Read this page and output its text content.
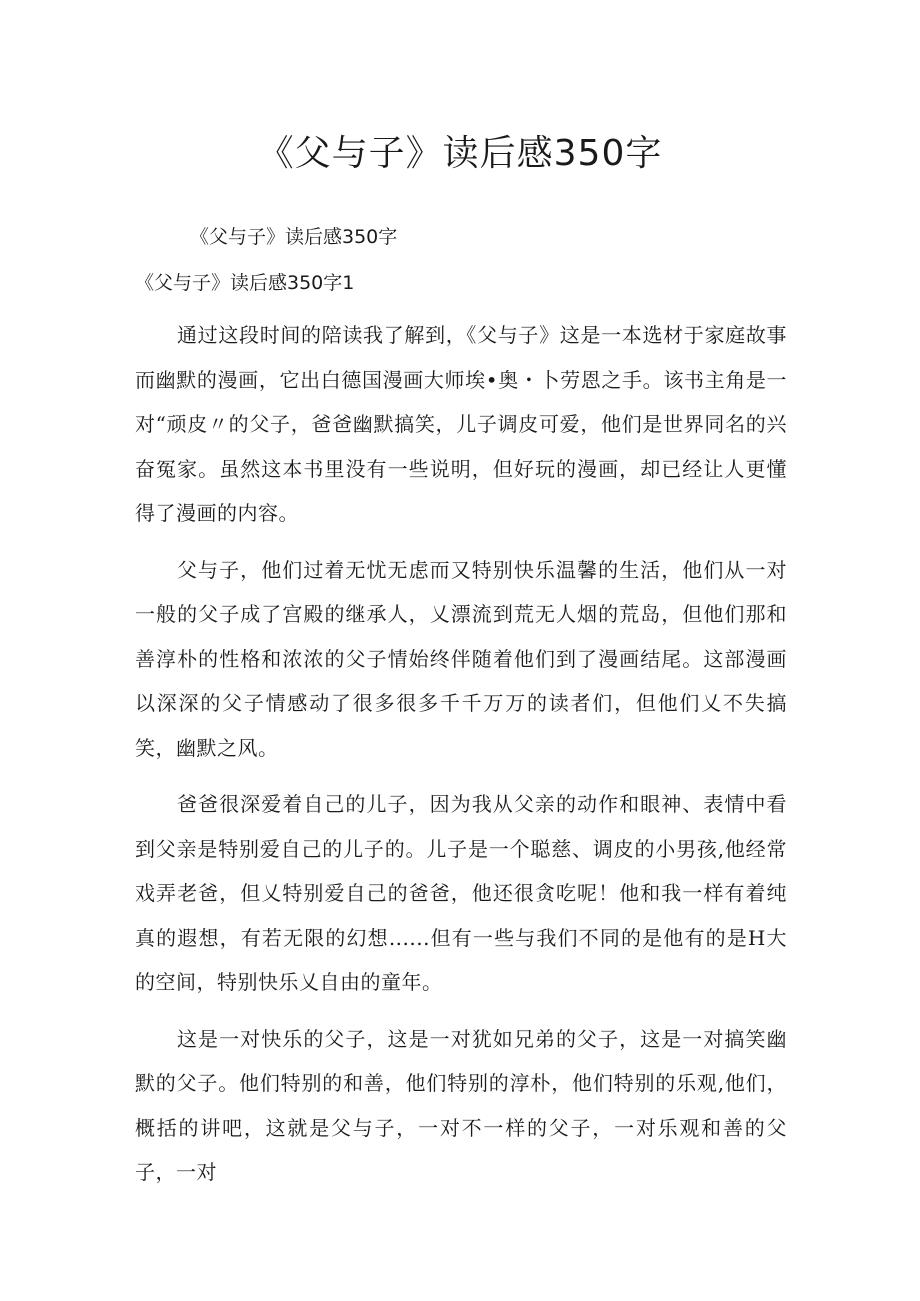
《父与子》读后感350字

《父与子》读后感350字

《父与子》读后感350字1

通过这段时间的陪读我了解到，《父与子》这是一本选材于家庭故事而幽默的漫画，它出白德国漫画大师埃•奥・卜劳恩之手。该书主角是一对“顽皮〃的父子，爸爸幽默搞笑，儿子调皮可爱，他们是世界同名的兴奋冤家。虽然这本书里没有一些说明，但好玩的漫画，却已经让人更懂得了漫画的内容。

父与子，他们过着无忧无虑而又特别快乐温馨的生活，他们从一对一般的父子成了宫殿的继承人，乂漂流到荒无人烟的荒岛，但他们那和善淳朴的性格和浓浓的父子情始终伴随着他们到了漫画结尾。这部漫画以深深的父子情感动了很多很多千千万万的读者们，但他们乂不失搞笑，幽默之风。

爸爸很深爱着自己的儿子，因为我从父亲的动作和眼神、表情中看到父亲是特别爱自己的儿子的。儿子是一个聪慈、调皮的小男孩,他经常戏弄老爸，但乂特别爱自己的爸爸，他还很贪吃呢！他和我一样有着纯真的遐想，有若无限的幻想......但有一些与我们不同的是他有的是H大的空间，特别快乐乂自由的童年。

这是一对快乐的父子，这是一对犹如兄弟的父子，这是一对搞笑幽默的父子。他们特别的和善，他们特别的淳朴，他们特别的乐观,他们，概括的讲吧，这就是父与子，一对不一样的父子，一对乐观和善的父子，一对
